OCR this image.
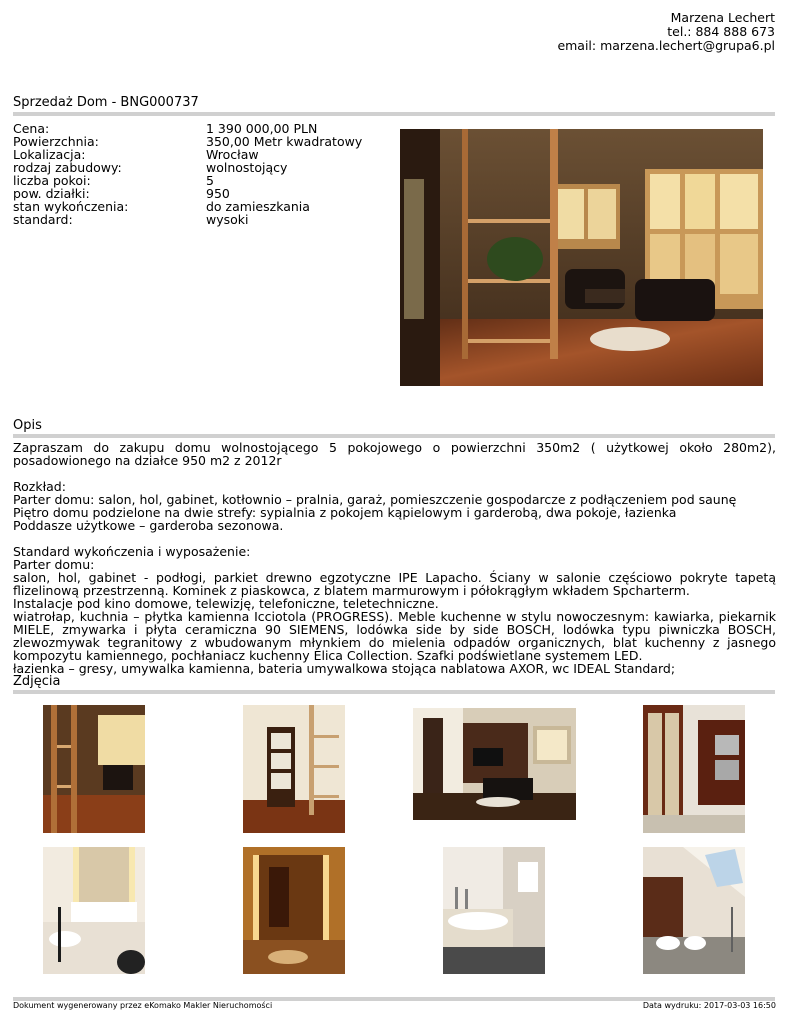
Marzena Lechert
tel.: 884 888 673
email: marzena.lechert@grupa6.pl
Sprzedaż Dom - BNG000737
Cena:	1 390 000,00 PLN
Powierzchnia:	350,00 Metr kwadratowy
Lokalizacja:	Wrocław
rodzaj zabudowy:	wolnostojący
liczba pokoi:	5
pow. działki:	950
stan wykończenia:	do zamieszkania
standard:	wysoki
Opis

Zapraszam do zakupu domu wolnostojącego 5 pokojowego o powierzchni 350m2 ( użytkowej około 280m2), posadowionego na działce 950 m2 z 2012r

Rozkład:
Parter domu: salon, hol, gabinet, kotłownio – pralnia, garaż, pomieszczenie gospodarcze z podłączeniem pod saunę
Piętro domu podzielone na dwie strefy: sypialnia z pokojem kąpielowym i garderobą, dwa pokoje, łazienka
Poddasze użytkowe – garderoba sezonowa.

Standard wykończenia i wyposażenie:
Parter domu:
salon, hol, gabinet - podłogi, parkiet drewno egzotyczne IPE Lapacho. Ściany w salonie częściowo pokryte tapetą flizelinową przestrzenną. Kominek z piaskowca, z blatem marmurowym i półokrągłym wkładem Spcharterm.
Instalacje pod kino domowe, telewizję, telefoniczne, teletechniczne.
wiatrołap, kuchnia – płytka kamienna Icciotola (PROGRESS). Meble kuchenne w stylu nowoczesnym: kawiarka, piekarnik MIELE, zmywarka i płyta ceramiczna 90 SIEMENS, lodówka side by side BOSCH, lodówka typu piwniczka BOSCH, zlewozmywak tegranitowy z wbudowanym młynkiem do mielenia odpadów organicznych, blat kuchenny z jasnego kompozytu kamiennego, pochłaniacz kuchenny Elica Collection. Szafki podświetlane systemem LED.
łazienka – gresy, umywalka kamienna, bateria umywalkowa stojąca nablatowa AXOR, wc IDEAL Standard;

Zdjęcia
Dokument wygenerowany przez eKomako Makler Nieruchomości	Data wydruku: 2017-03-03 16:50
